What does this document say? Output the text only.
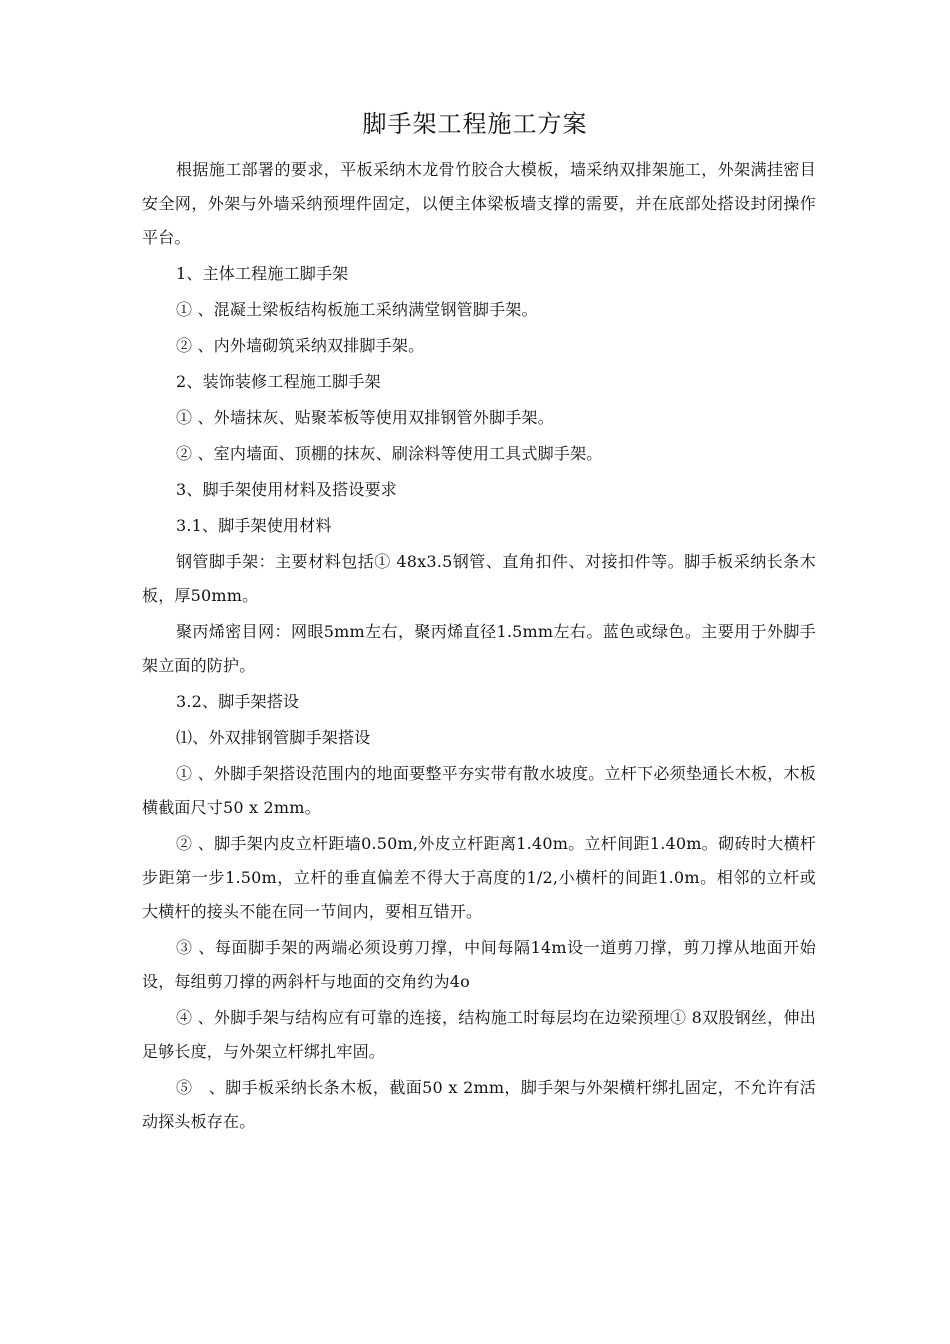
脚手架工程施工方案

根据施工部署的要求，平板采纳木龙骨竹胶合大模板，墙采纳双排架施工，外架满挂密目安全网，外架与外墙采纳预埋件固定，以便主体梁板墙支撑的需要，并在底部处搭设封闭操作平台。

1、主体工程施工脚手架

① 、混凝土梁板结构板施工采纳满堂钢管脚手架。

② 、内外墙砌筑采纳双排脚手架。

2、装饰装修工程施工脚手架

① 、外墙抹灰、贴聚苯板等使用双排钢管外脚手架。

② 、室内墙面、顶棚的抹灰、刷涂料等使用工具式脚手架。

3、脚手架使用材料及搭设要求

3.1、脚手架使用材料

钢管脚手架：主要材料包括① 48x3.5钢管、直角扣件、对接扣件等。脚手板采纳长条木板，厚50mm。

聚丙烯密目网：网眼5mm左右，聚丙烯直径1.5mm左右。蓝色或绿色。主要用于外脚手架立面的防护。

3.2、脚手架搭设

⑴、外双排钢管脚手架搭设

① 、外脚手架搭设范围内的地面要整平夯实带有散水坡度。立杆下必须垫通长木板，木板横截面尺寸50 x 2mm。

② 、脚手架内皮立杆距墙0.50m,外皮立杆距离1.40m。立杆间距1.40m。砌砖时大横杆步距第一步1.50m，立杆的垂直偏差不得大于高度的1/2,小横杆的间距1.0m。相邻的立杆或大横杆的接头不能在同一节间内，要相互错开。

③ 、每面脚手架的两端必须设剪刀撑，中间每隔14m设一道剪刀撑，剪刀撑从地面开始设，每组剪刀撑的两斜杆与地面的交角约为4o

④ 、外脚手架与结构应有可靠的连接，结构施工时每层均在边梁预埋① 8双股钢丝，伸出足够长度，与外架立杆绑扎牢固。

⑤　、脚手板采纳长条木板，截面50 x 2mm，脚手架与外架横杆绑扎固定，不允许有活动探头板存在。
